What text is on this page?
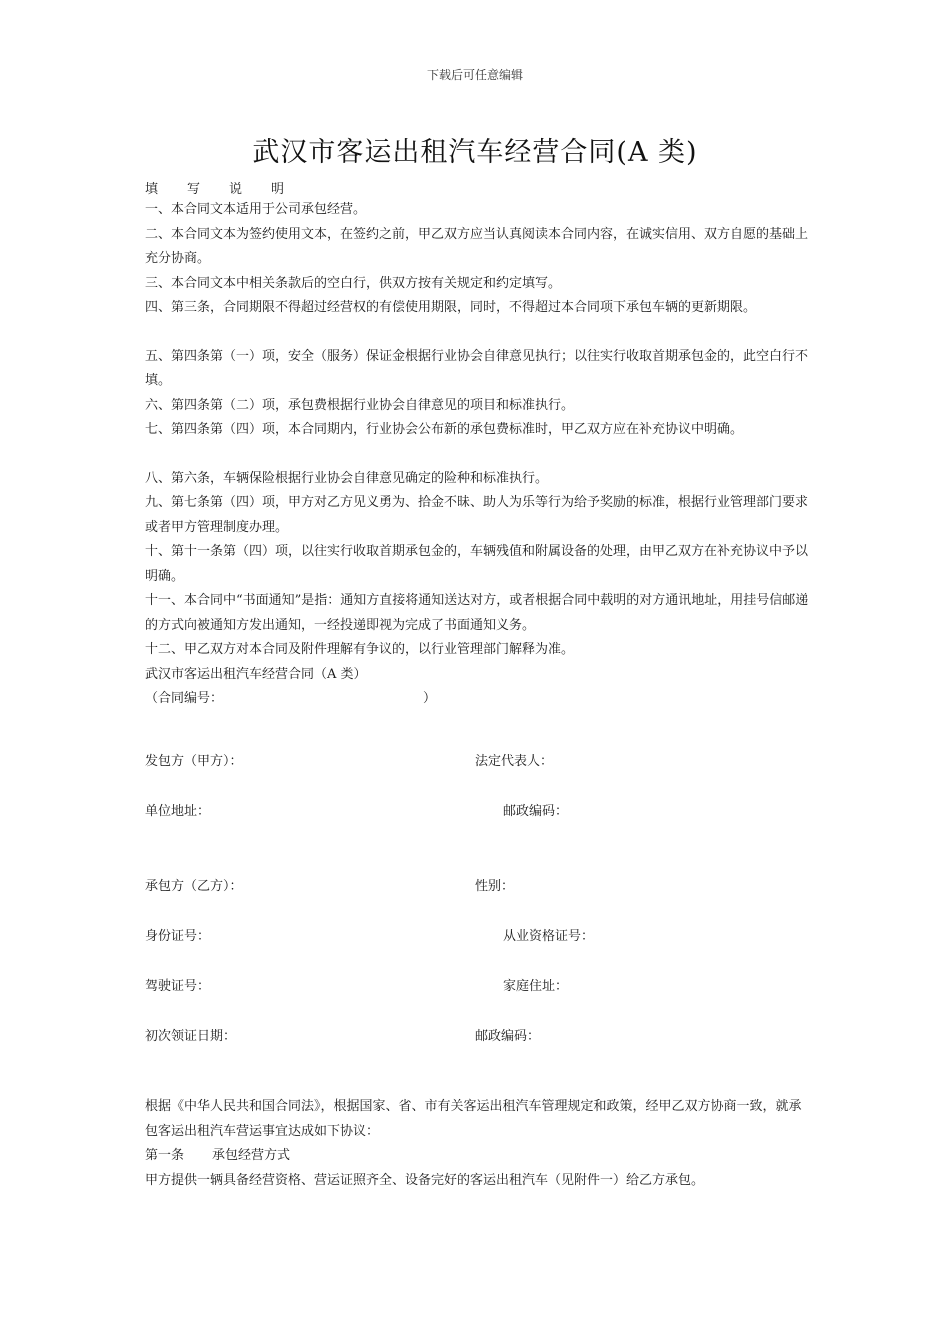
下载后可任意编辑
武汉市客运出租汽车经营合同(A 类)
填写说明
一、本合同文本适用于公司承包经营。
二、本合同文本为签约使用文本，在签约之前，甲乙双方应当认真阅读本合同内容，在诚实信用、双方自愿的基础上充分协商。
三、本合同文本中相关条款后的空白行，供双方按有关规定和约定填写。
四、第三条，合同期限不得超过经营权的有偿使用期限，同时，不得超过本合同项下承包车辆的更新期限。
五、第四条第（一）项，安全（服务）保证金根据行业协会自律意见执行；以往实行收取首期承包金的，此空白行不填。
六、第四条第（二）项，承包费根据行业协会自律意见的项目和标准执行。
七、第四条第（四）项，本合同期内，行业协会公布新的承包费标准时，甲乙双方应在补充协议中明确。
八、第六条，车辆保险根据行业协会自律意见确定的险种和标准执行。
九、第七条第（四）项，甲方对乙方见义勇为、拾金不昧、助人为乐等行为给予奖励的标准，根据行业管理部门要求或者甲方管理制度办理。
十、第十一条第（四）项，以往实行收取首期承包金的，车辆残值和附属设备的处理，由甲乙双方在补充协议中予以明确。
十一、本合同中“书面通知”是指：通知方直接将通知送达对方，或者根据合同中载明的对方通讯地址，用挂号信邮递的方式向被通知方发出通知，一经投递即视为完成了书面通知义务。
十二、甲乙双方对本合同及附件理解有争议的，以行业管理部门解释为准。
武汉市客运出租汽车经营合同（A 类）
（合同编号：	）
发包方（甲方）：	法定代表人：
单位地址：	邮政编码：
承包方（乙方）：	性别：
身份证号：	从业资格证号：
驾驶证号：	家庭住址：
初次领证日期：	邮政编码：
根据《中华人民共和国合同法》，根据国家、省、市有关客运出租汽车管理规定和政策，经甲乙双方协商一致，就承包客运出租汽车营运事宜达成如下协议：
第一条 承包经营方式
甲方提供一辆具备经营资格、营运证照齐全、设备完好的客运出租汽车（见附件一）给乙方承包。
